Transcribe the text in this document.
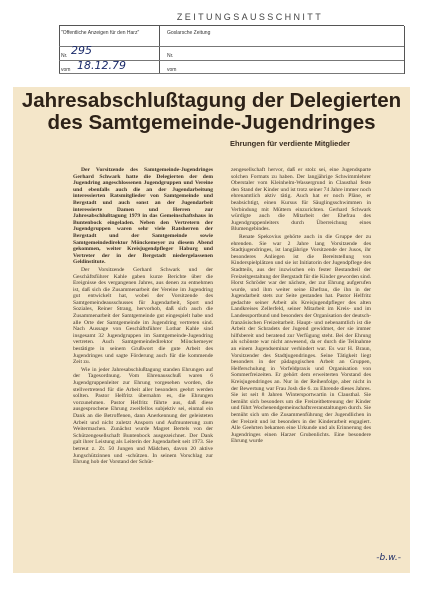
ZEITUNGSAUSSCHNITT
"Offentliche Anzeigen für den Harz"
Nr. 295
vom 18.12.79
Goslarsche Zeitung
Nr.
vom
Jahresabschlußtagung der Delegierten
des Samtgemeinde-Jugendringes
Ehrungen für verdiente Mitglieder

Der Vorsitzende des Samtgemeinde-Jugendringes Gerhard Schwark hatte die Delegierten der dem Jugendring angeschlossenen Jugendgruppen und Vereine und ebenfalls auch die an der Jugendarbeitung interessierten Ratsmitglieder von Samtgemeinde und Bergstadt und auch sonst an der Jugendarbeit interessierte Damen und Herren zur Jahresabschlußtagung 1979 in das Gemeinschaftshaus in Buntenbock eingeladen. Neben den Vertretern der Jugendgruppen waren sehr viele Ratsherren der Bergstadt und der Samtgemeinde sowie Samtgemeindedirektor Mönckemeyer zu diesem Abend gekommen, weiter Kreisjugendpfleger Haburg und Vertreter der in der Bergstadt niedergelassenen Geldinstitute.

Der Vorsitzende Gerhard Schwark und der Geschäftsführer Kahle gaben kurze Berichte über die Ereignisse des vergangenen Jahres, aus denen zu entnehmen ist, daß sich die Zusammenarbeit der Vereine im Jugendring gut entwickelt hat, wobei der Vorsitzende des Samtgemeindeausschusses für Jugendarbeit, Sport und Soziales, Reiner Strang, hervorhob, daß sich auch die Zusammenarbeit der Samtgemeinde gut eingespielt habe und alle Orte der Samtgemeinde im Jugendring vertreten sind. Nach Aussage von Geschäftsführer Lothar Kahle sind insgesamt 32 Jugendgruppen im Samtgemeinde-Jugendring vertreten. Auch Samtgemeindedirektor Mönckemeyer bestätigte in seinem Grußwort die gute Arbeit des Jugendringes und sagte Förderung auch für die kommende Zeit zu.

Wie in jeder Jahresabschlußtagung standen Ehrungen auf der Tagesordnung. Vom Ehrenausschuß waren 6 Jugendgruppenleiter zur Ehrung vorgesehen worden, die stellvertretend für die Arbeit aller besonders geehrt werden sollten. Pastor Helfritz übernahm es, die Ehrungen vorzunehmen. Pastor Helfritz führte aus, daß diese ausgesprochene Ehrung zweifellos subjektiv sei, einmal ein Dank an die Betroffenen, dann Anerkennung der geleisteten Arbeit und nicht zuletzt Ansporn und Aufmunterung zum Weitermachen. Zunächst wurde Magret Bertels von der Schützengesellschaft Buntenbock ausgezeichnet. Der Dank galt ihrer Leistung als Leiterin der Jugendarbeit seit 1973. Sie betreut z. Zt. 50 Jungen und Mädchen, davon 20 aktive Jungschützinnen und -schützen. In seinem Vorschlag zur Ehrung hob der Vorstand der Schüt-

zengesellschaft hervor, daß er stolz sei, eine Jugendsparte solchen Formats zu haben. Der langjährige Schwimmlehrer Oberstaler vom Kleinhelm-Wassergrund in Clausthal feste den Stand der Kinder und ist trotz seiner 74 Jahre immer noch ehrenamtlich aktiv tätig. Auch hat er noch Pläne, er beabsichtigt, einen Kursus für Säuglingsschwimmen in Verbindung mit Müttern einzurichten. Gerhard Schwark würdigte auch die Mitarbeit der Ehefrau des Jugendgruppenleiters durch Überreichung eines Blumengebindes.

Renate Spekovius gehörte auch in die Gruppe der zu ehrenden. Sie war 2 Jahre lang Vorsitzende des Stadtjugendringes, ist langjährige Vorsitzende der Jusos, ihr besonderes Anliegen ist die Bereitstellung von Kinderspielplätzen und sie ist Initiatorin der Jugendpflege des Stadtteils, aus der inzwischen ein fester Bestandteil der Freizeitgestaltung der Bergstadt für die Kinder geworden sind. Horst Schröder war der nächste, der zur Ehrung aufgerufen wurde, und ihm weiter seine Ehefrau, die ihn in der Jugendarbeit stets zur Seite gestanden hat. Pastor Helfritz gedachte seiner Arbeit als Kreisjugendpfleger des alten Landkreises Zellerfeld, seiner Mitarbeit im Kreis- und im Landessportbund und besonders der Organisation der deutsch-französischen Freizeitarbeit. Haupt- und nebenamtlich ist die Arbeit der Schradets der Jugend gewidmet, der sie immer hilfsbereit und beratend zur Verfügung steht. Bei der Ehrung als schönste war nicht anwesend, da er durch die Teilnahme an einem Jugendseminar verhindert war. Es war H. Braun, Vorsitzender des Stadtjugendringes. Seine Tätigkeit liegt besonders in der pädagogischen Arbeit an Gruppen, Helferschulung in Vorfeldpraxis und Organisation von Sommerfreizeiten. Er gehört dem erweiterten Vorstand des Kreisjugendringes an. Nur in der Reihenfolge, aber nicht in der Bewertung war Frau Josh die 6. zu Ehrende dieses Jahres. Sie ist seit 8 Jahren Wintersportwartin in Clausthal. Sie bemüht sich besonders um die Freizeitbetreuung der Kinder und führt Wochenendgemeinschaftsveranstaltungen durch. Sie bemüht sich um die Zusammenführung der Jugendlichen in der Freizeit und ist besonders in der Kinderarbeit engagiert. Alle Geehrten bekamen eine Urkunde und als Erinnerung des Jugendringes einen Harzer Grubenlichts. Eine besondere Ehrung wurde

-b.w.-
